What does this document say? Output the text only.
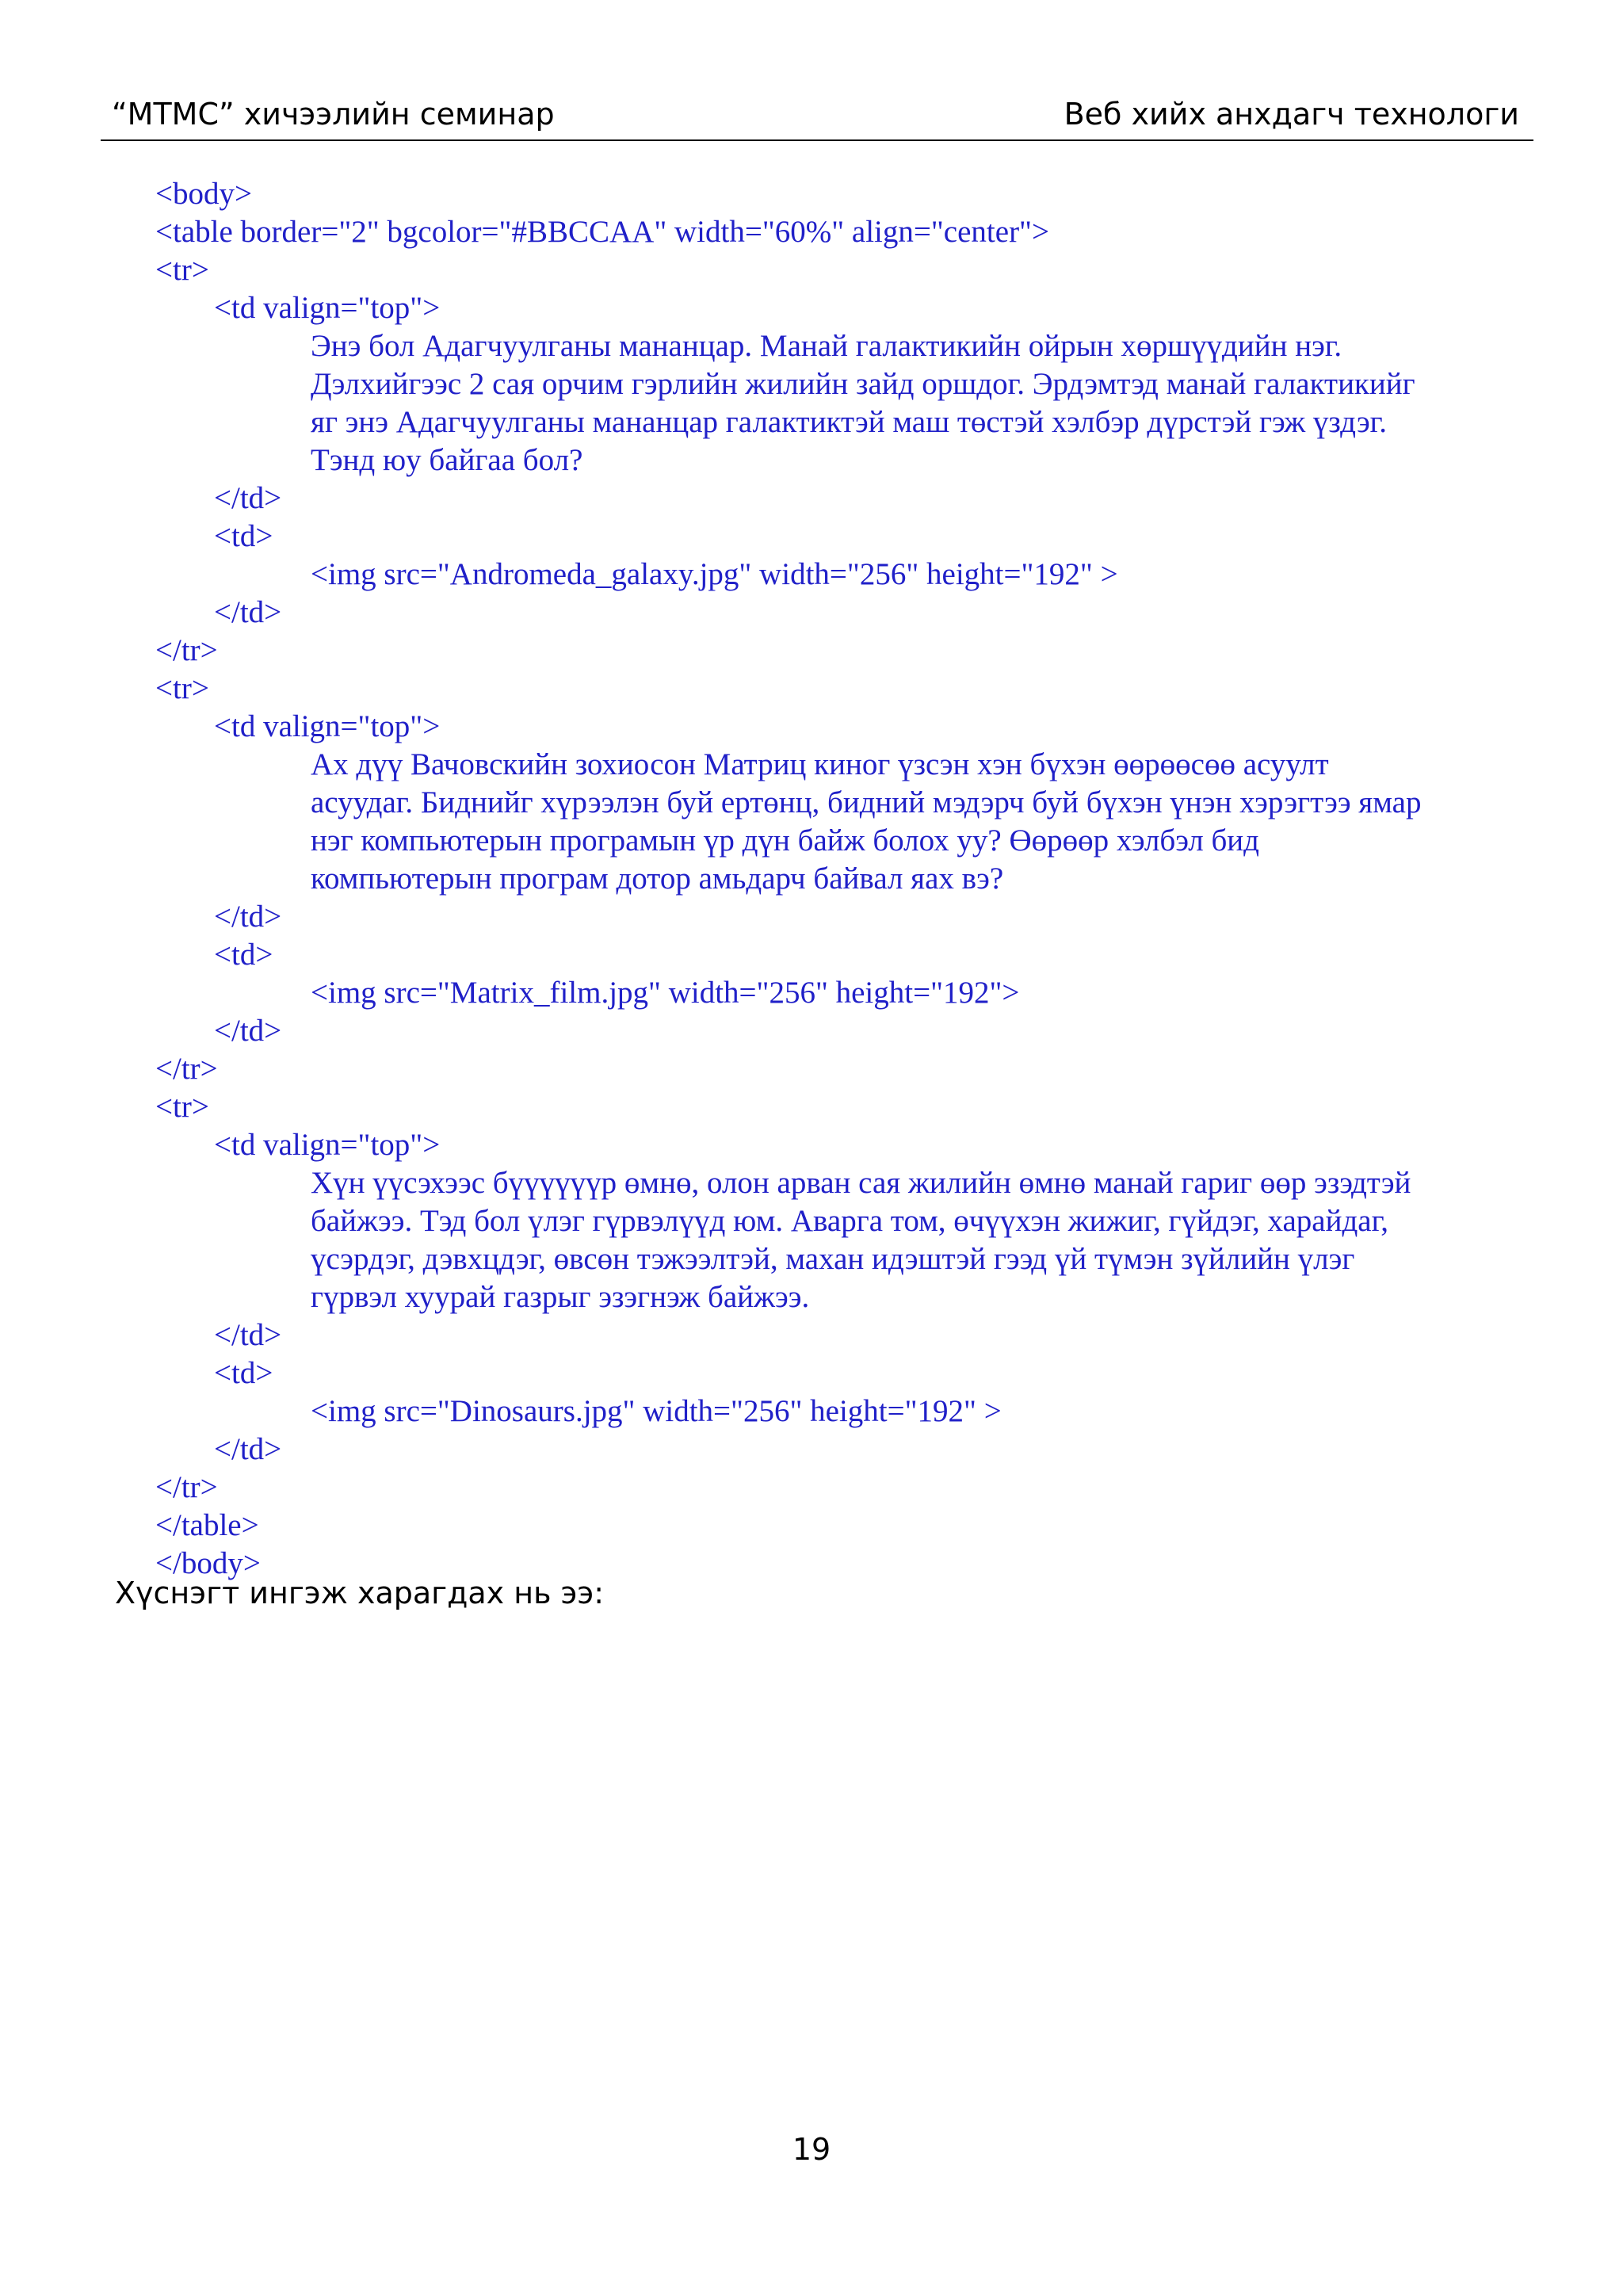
“МТМС” хичээлийн семинар	Веб хийх анхдагч технологи
<body>
<table border="2" bgcolor="#BBCCAA" width="60%" align="center">
<tr>
<td valign="top">
Энэ бол Адагчуулганы мананцар. Манай галактикийн ойрын хөршүүдийн нэг.
Дэлхийгээс 2 сая орчим гэрлийн жилийн зайд оршдог. Эрдэмтэд манай галактикийг
яг энэ Адагчуулганы мананцар галактиктэй маш төстэй хэлбэр дүрстэй гэж үздэг.
Тэнд юу байгаа бол?
</td>
<td>
<img src="Andromeda_galaxy.jpg" width="256" height="192" >
</td>
</tr>
<tr>
<td valign="top">
Ах дүү Вачовскийн зохиосон Матриц киног үзсэн хэн бүхэн өөрөөсөө асуулт
асуудаг. Биднийг хүрээлэн буй ертөнц, бидний мэдэрч буй бүхэн үнэн хэрэгтээ ямар
нэг компьютерын програмын үр дүн байж болох уу? Өөрөөр хэлбэл бид
компьютерын програм дотор амьдарч байвал яах вэ?
</td>
<td>
<img src="Matrix_film.jpg" width="256" height="192">
</td>
</tr>
<tr>
<td valign="top">
Хүн үүсэхээс бүүүүүүр өмнө, олон арван сая жилийн өмнө манай гариг өөр эзэдтэй
байжээ. Тэд бол үлэг гүрвэлүүд юм. Аварга том, өчүүхэн жижиг, гүйдэг, харайдаг,
үсэрдэг, дэвхцдэг, өвсөн тэжээлтэй, махан идэштэй гээд үй түмэн зүйлийн үлэг
гүрвэл хуурай газрыг эзэгнэж байжээ.
</td>
<td>
<img src="Dinosaurs.jpg" width="256" height="192" >
</td>
</tr>
</table>
</body>
Хүснэгт ингэж харагдах нь ээ:
19
